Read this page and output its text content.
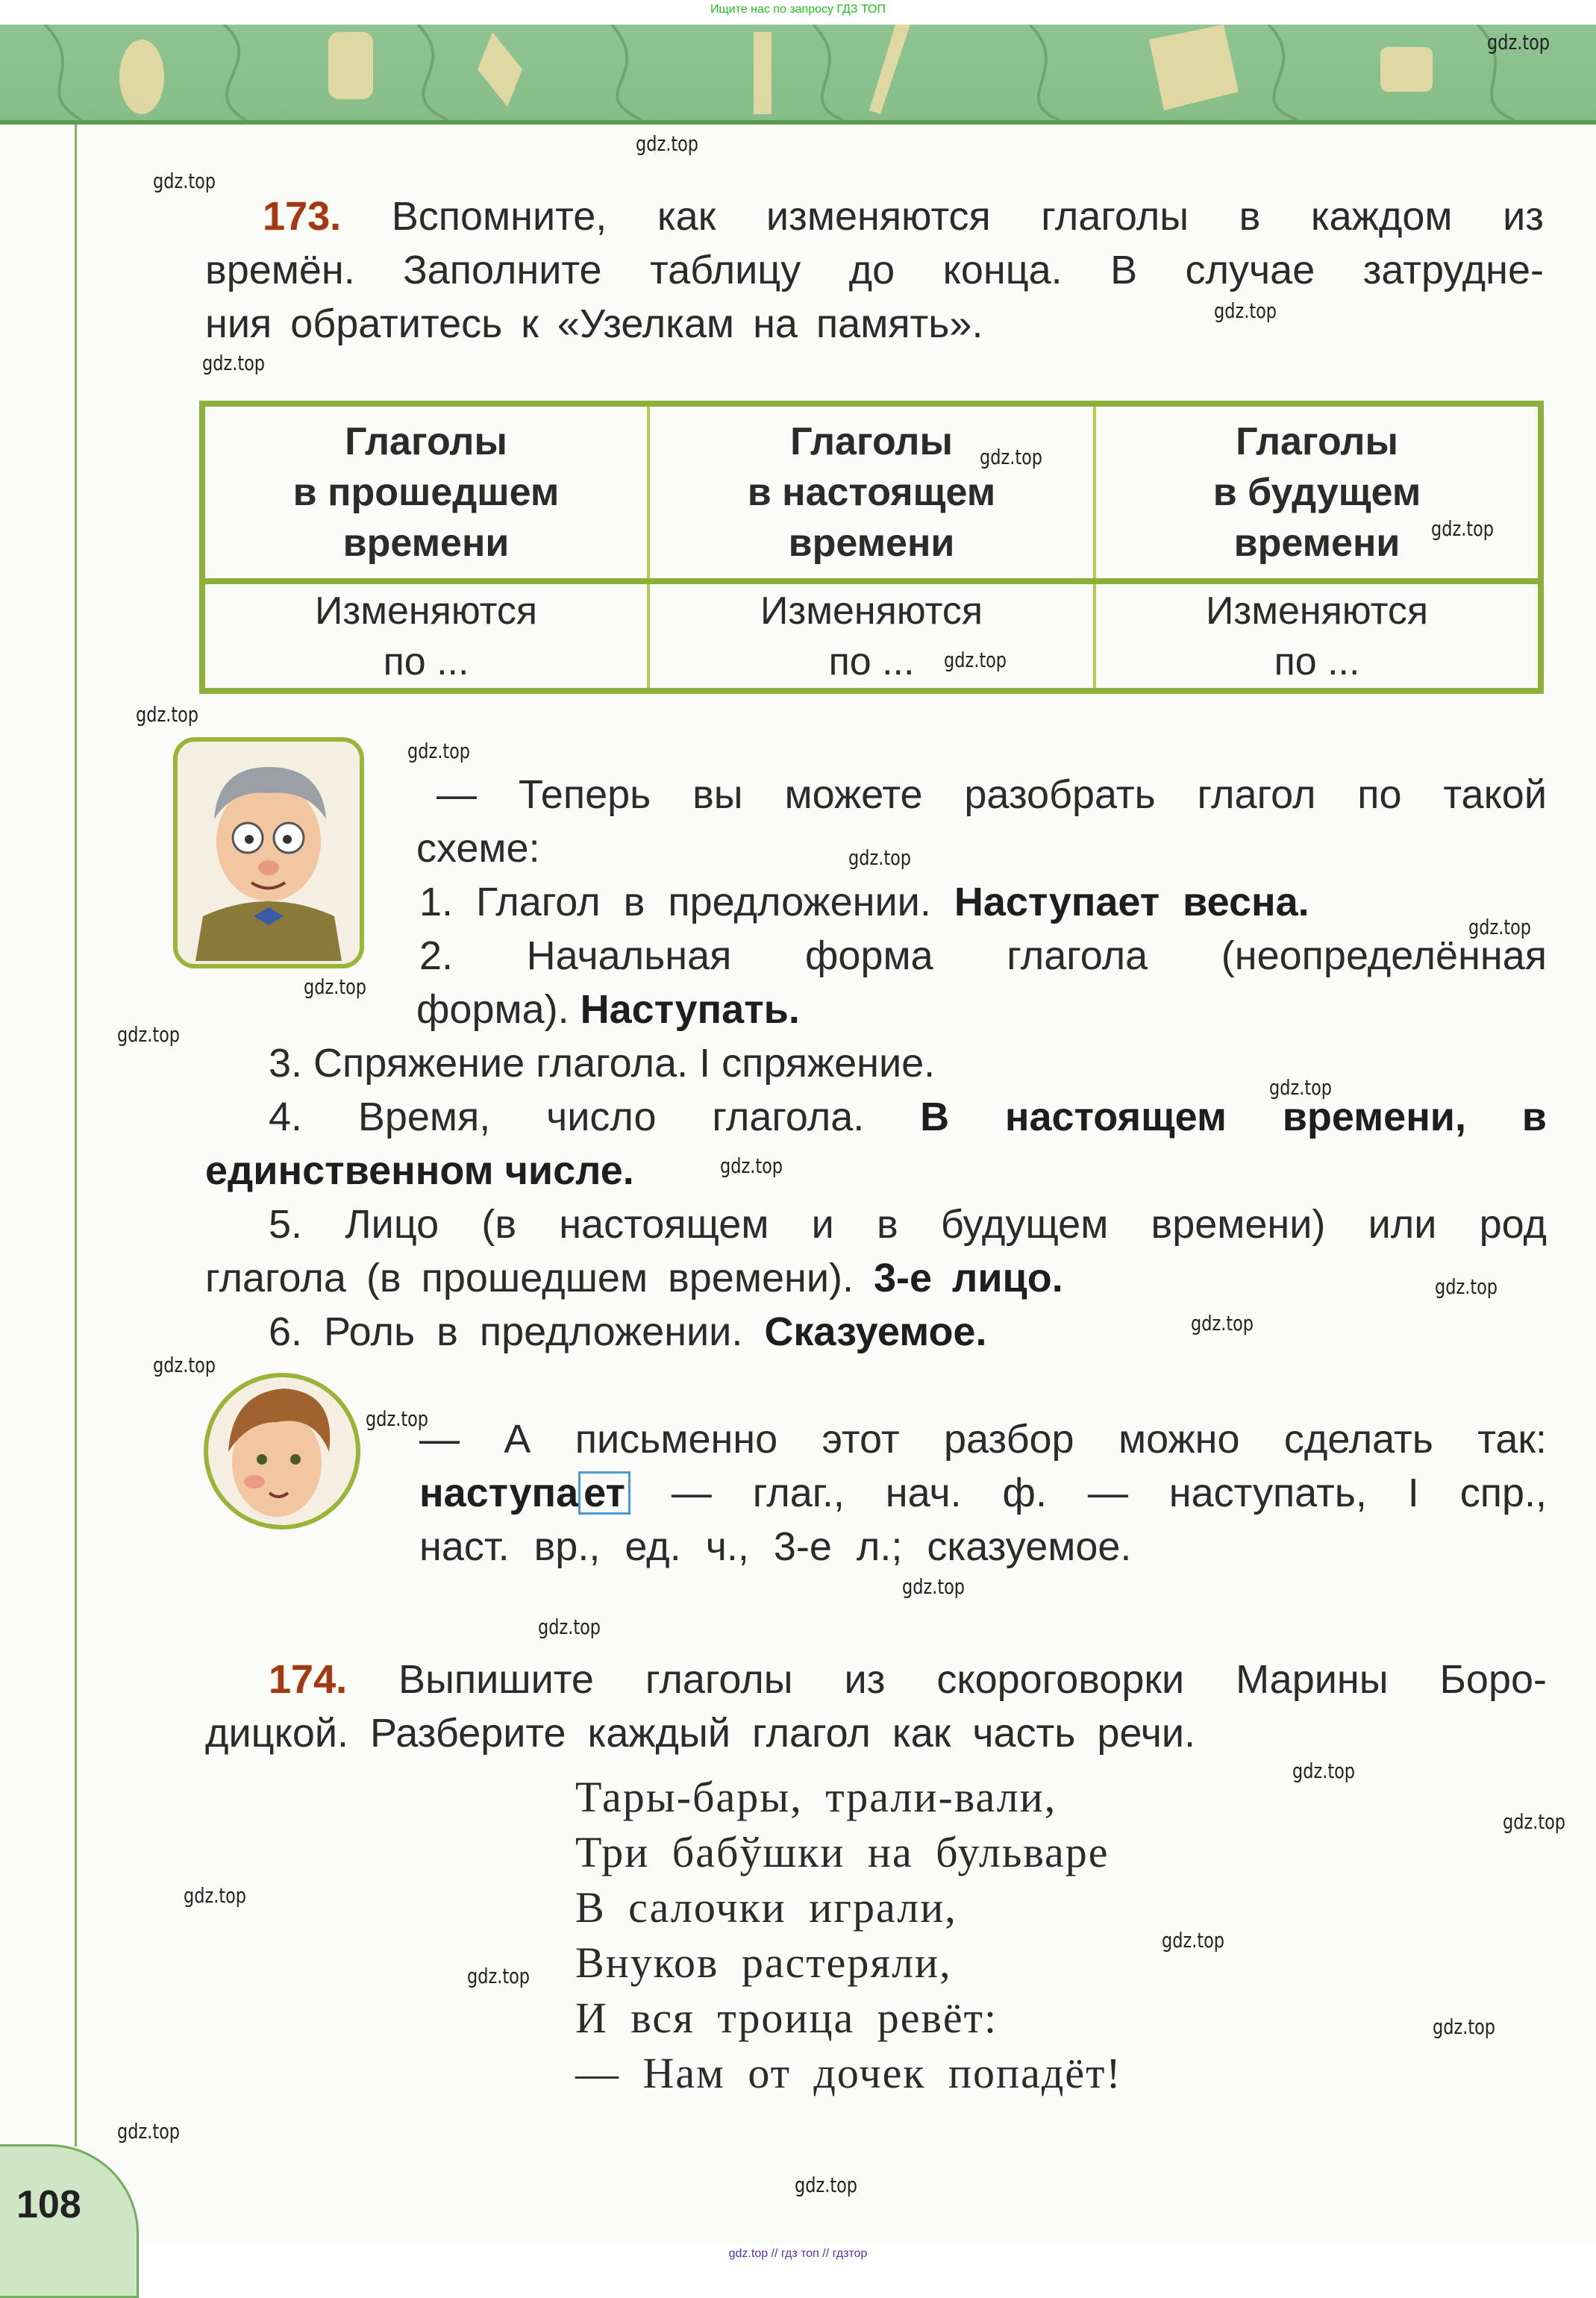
Ищите нас по запросу ГДЗ ТОП
173. Вспомните, как изменяются глаголы в каждом из
времён. Заполните таблицу до конца. В случае затрудне-
ния обратитесь к «Узелкам на память».
Глаголы
в прошедшем
времени	Глаголы
в настоящем
времени	Глаголы
в будущем
времени
Изменяются
по ...	Изменяются
по ...	Изменяются
по ...
— Теперь вы можете разобрать глагол по такой
схеме:
1. Глагол в предложении. Наступает весна.
2. Начальная форма глагола (неопределённая
форма). Наступать.
3. Спряжение глагола. I спряжение.
4. Время, число глагола. В настоящем времени, в
единственном числе.
5. Лицо (в настоящем и в будущем времени) или род
глагола (в прошедшем времени). 3-е лицо.
6. Роль в предложении. Сказуемое.
— А письменно этот разбор можно сделать так:
наступа ет — глаг., нач. ф. — наступать, I спр.,
наст. вр., ед. ч., 3-е л.; сказуемое.
174. Выпишите глаголы из скороговорки Марины Боро-
дицкой. Разберите каждый глагол как часть речи.
Тары-бары, трали-вали,
Три бабўшки на бульваре
В салочки играли,
Внуков растеряли,
И вся троица ревёт:
— Нам от дочек попадёт!
108
gdz.top
gdz.top
gdz.top
gdz.top
gdz.top
gdz.top
gdz.top
gdz.top
gdz.top
gdz.top
gdz.top
gdz.top
gdz.top
gdz.top
gdz.top
gdz.top
gdz.top
gdz.top
gdz.top
gdz.top
gdz.top
gdz.top
gdz.top
gdz.top
gdz.top
gdz.top
gdz.top
gdz.top
gdz.top
gdz.top
gdz.top // гдз топ // гдзтор
